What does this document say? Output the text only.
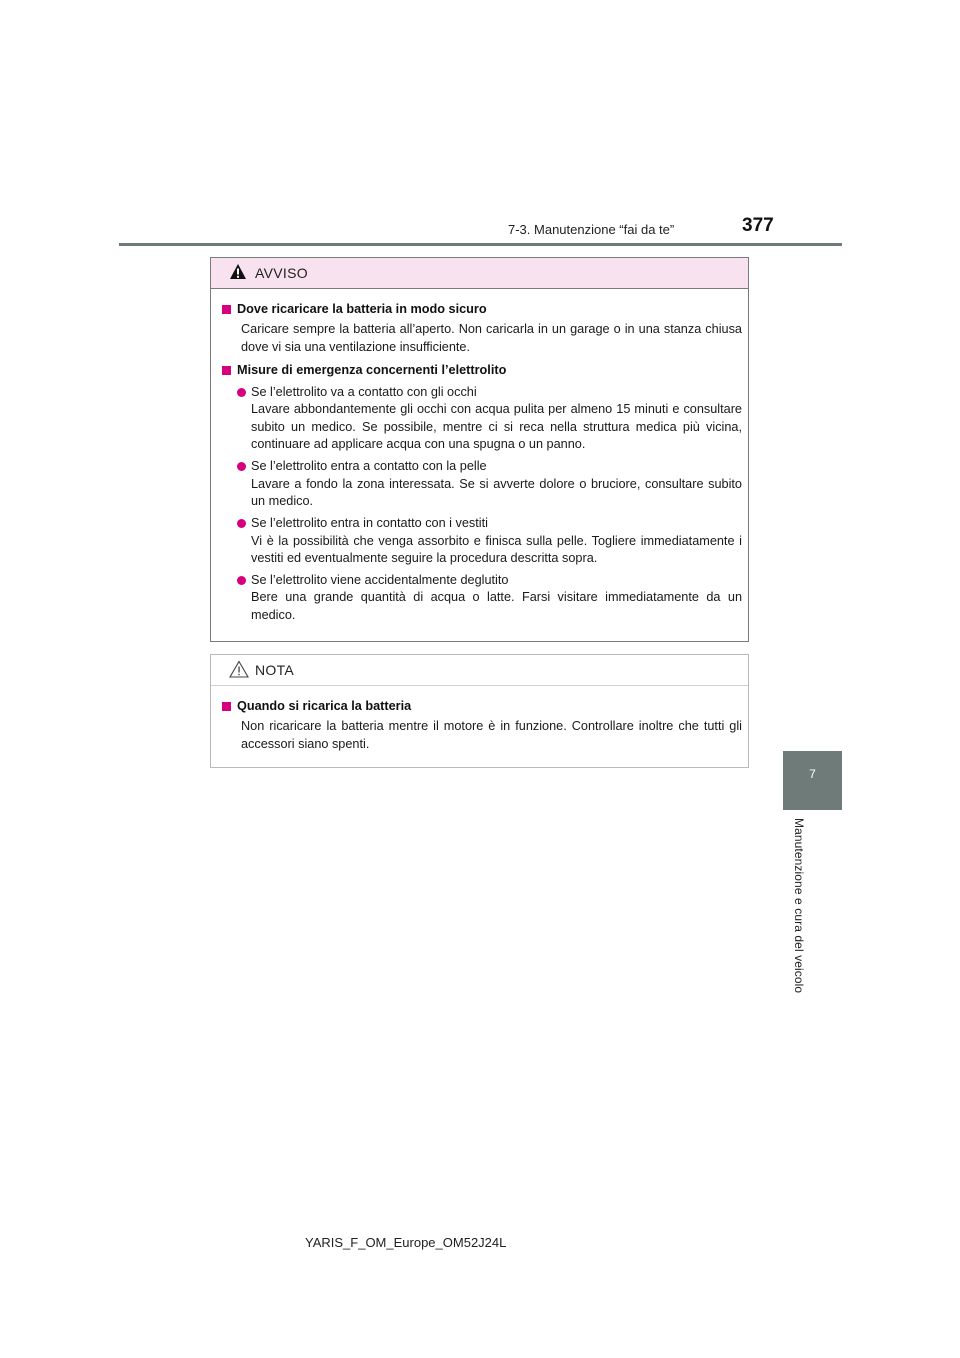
7-3. Manutenzione “fai da te”	377
7
Manutenzione e cura del veicolo
AVVISO
Dove ricaricare la batteria in modo sicuro
Caricare sempre la batteria all’aperto. Non caricarla in un garage o in una stanza chiusa dove vi sia una ventilazione insufficiente.
Misure di emergenza concernenti l’elettrolito
Se l’elettrolito va a contatto con gli occhi
Lavare abbondantemente gli occhi con acqua pulita per almeno 15 minuti e consultare subito un medico. Se possibile, mentre ci si reca nella struttura medica più vicina, continuare ad applicare acqua con una spugna o un panno.
Se l’elettrolito entra a contatto con la pelle
Lavare a fondo la zona interessata. Se si avverte dolore o bruciore, consultare subito un medico.
Se l’elettrolito entra in contatto con i vestiti
Vi è la possibilità che venga assorbito e finisca sulla pelle. Togliere immediatamente i vestiti ed eventualmente seguire la procedura descritta sopra.
Se l’elettrolito viene accidentalmente deglutito
Bere una grande quantità di acqua o latte. Farsi visitare immediatamente da un medico.
NOTA
Quando si ricarica la batteria
Non ricaricare la batteria mentre il motore è in funzione. Controllare inoltre che tutti gli accessori siano spenti.
YARIS_F_OM_Europe_OM52J24L
